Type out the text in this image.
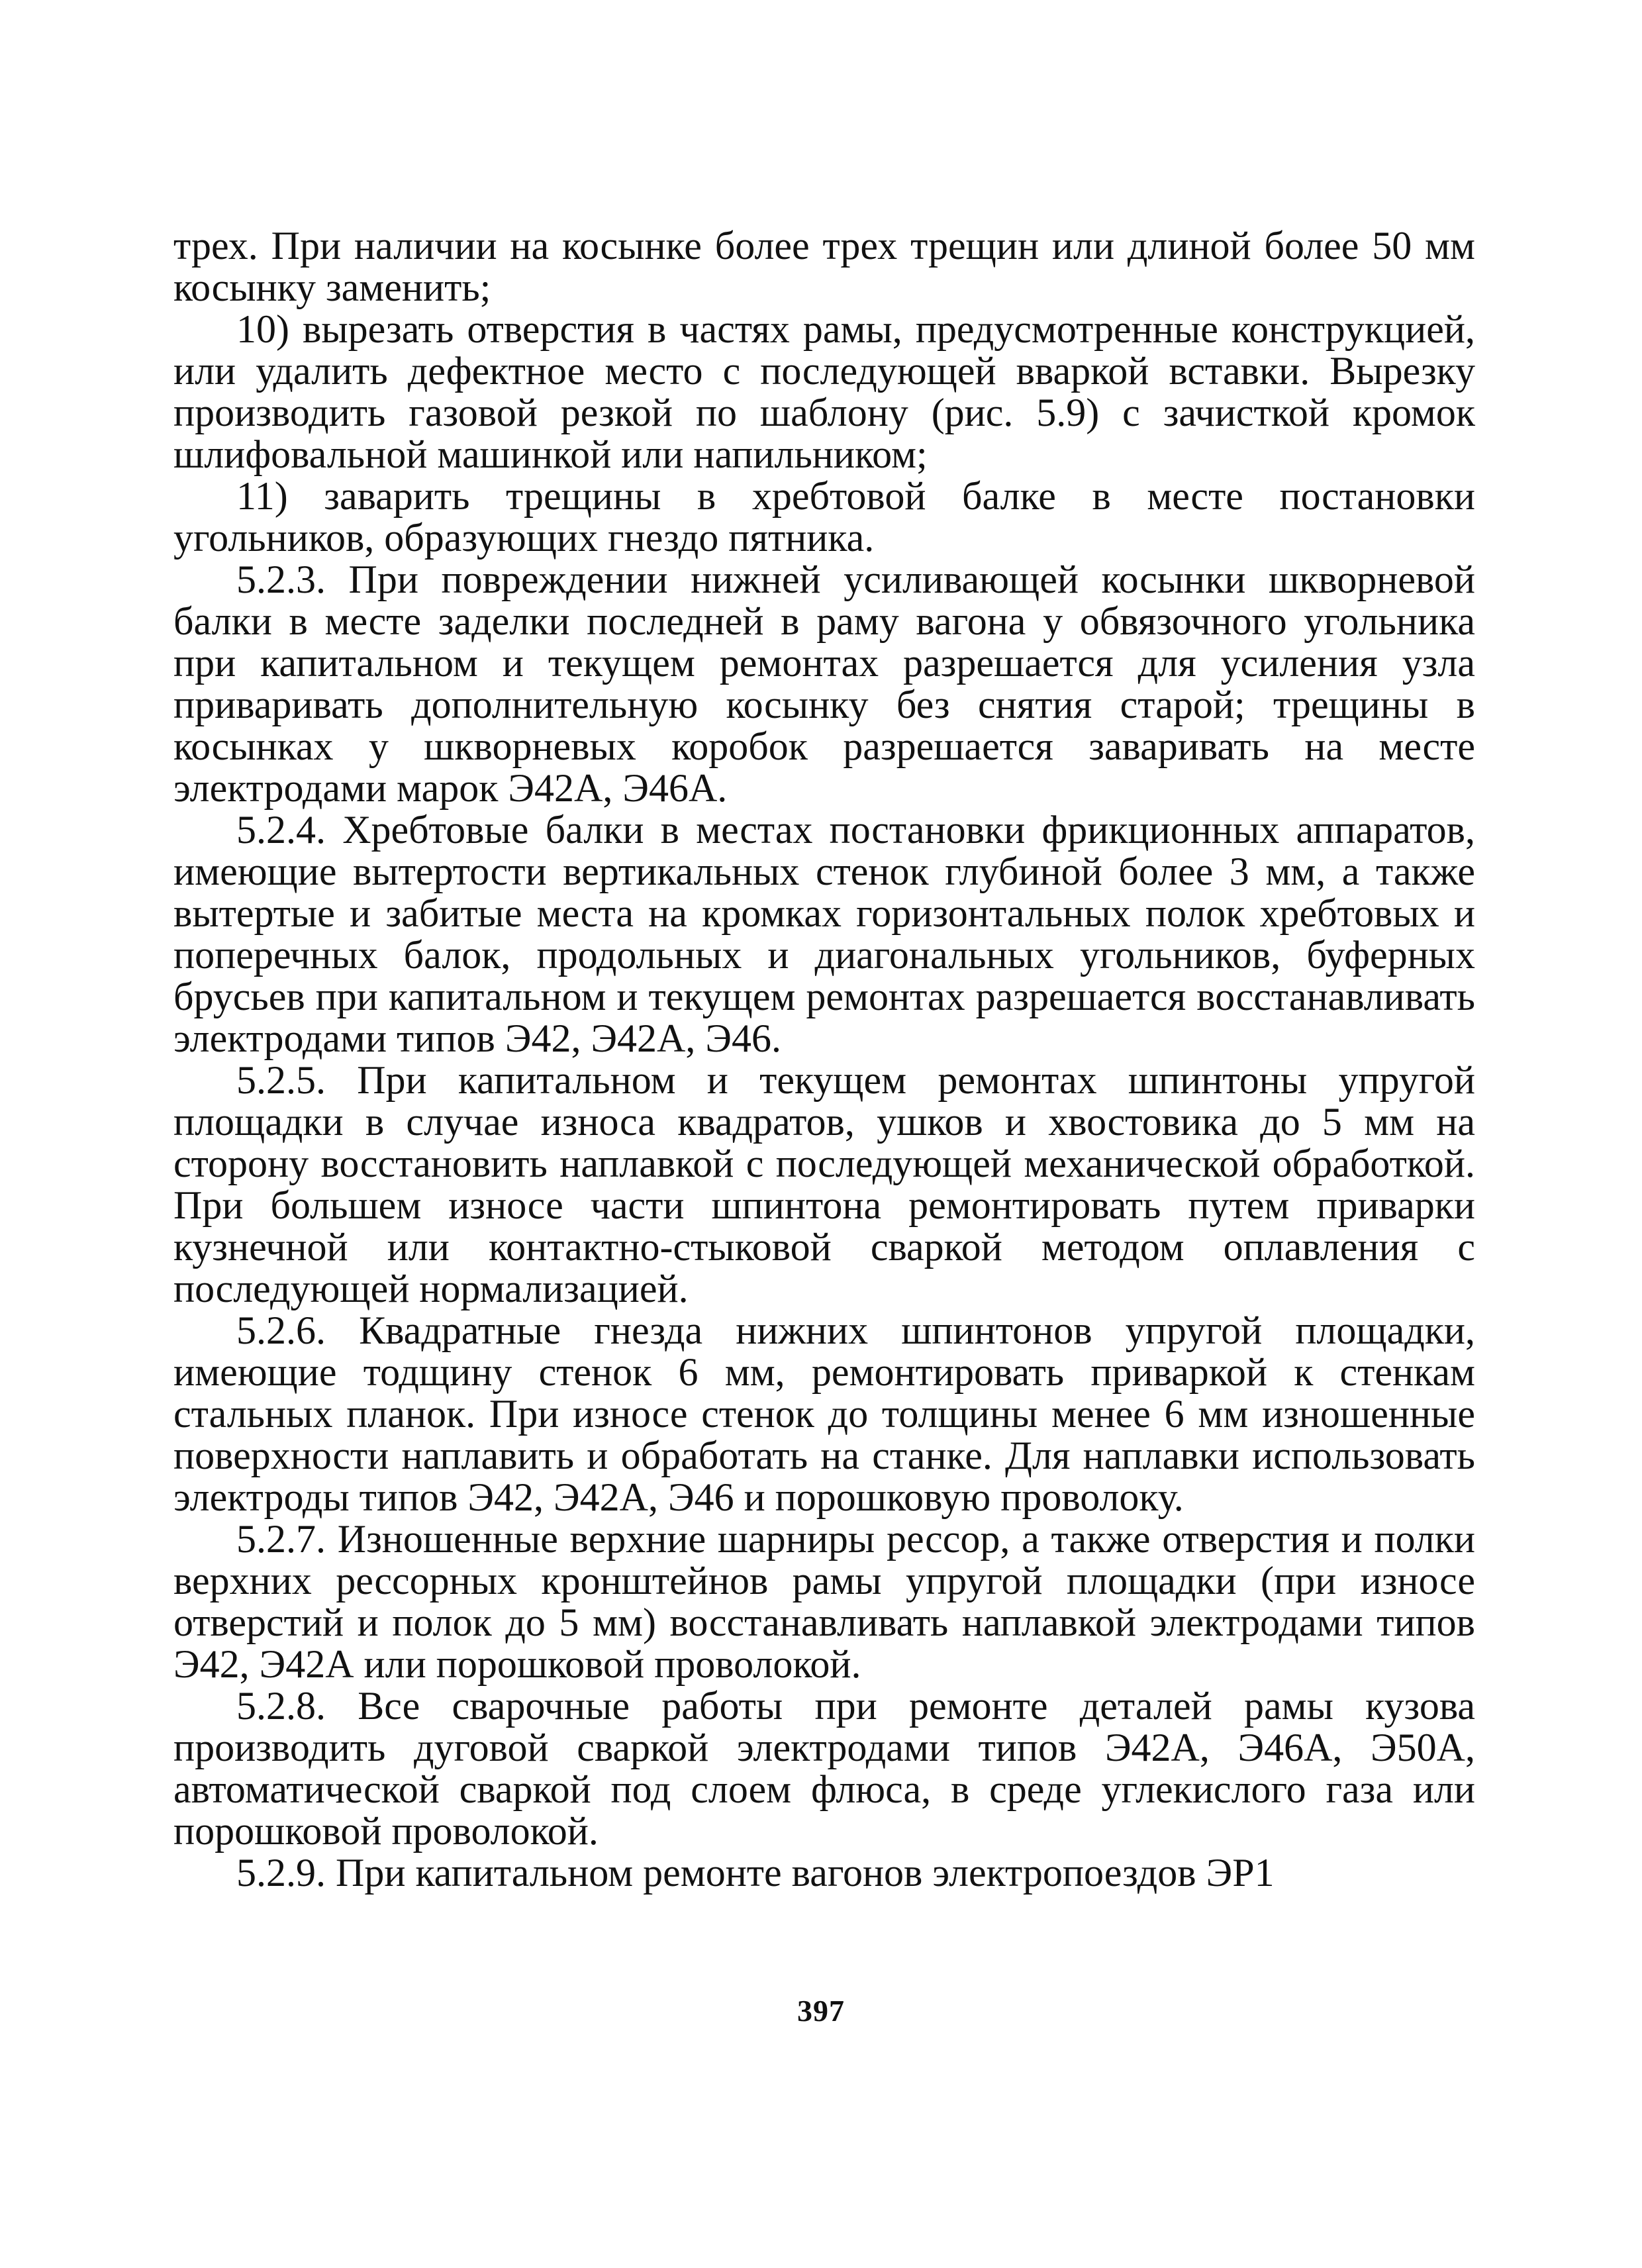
трех. При наличии на косынке более трех трещин или длиной более 50 мм косынку заменить;

10) вырезать отверстия в частях рамы, предусмотренные конструкцией, или удалить дефектное место с последующей вваркой вставки. Вырезку производить газовой резкой по шаблону (рис. 5.9) с зачисткой кромок шлифовальной машинкой или напильником;

11) заварить трещины в хребтовой балке в месте постановки угольников, образующих гнездо пятника.

5.2.3. При повреждении нижней усиливающей косынки шкворневой балки в месте заделки последней в раму вагона у обвязочного угольника при капитальном и текущем ремонтах разрешается для усиления узла приваривать дополнительную косынку без снятия старой; трещины в косынках у шкворневых коробок разрешается заваривать на месте электродами марок Э42А, Э46А.

5.2.4. Хребтовые балки в местах постановки фрикционных аппаратов, имеющие вытертости вертикальных стенок глубиной более 3 мм, а также вытертые и забитые места на кромках горизонтальных полок хребтовых и поперечных балок, продольных и диагональных угольников, буферных брусьев при капитальном и текущем ремонтах разрешается восстанавливать электродами типов Э42, Э42А, Э46.

5.2.5. При капитальном и текущем ремонтах шпинтоны упругой площадки в случае износа квадратов, ушков и хвостовика до 5 мм на сторону восстановить наплавкой с последующей механической обработкой. При большем износе части шпинтона ремонтировать путем приварки кузнечной или контактно-стыковой сваркой методом оплавления с последующей нормализацией.

5.2.6. Квадратные гнезда нижних шпинтонов упругой площадки, имеющие тодщину стенок 6 мм, ремонтировать приваркой к стенкам стальных планок. При износе стенок до толщины менее 6 мм изношенные поверхности наплавить и обработать на станке. Для наплавки использовать электроды типов Э42, Э42А, Э46 и порошковую проволоку.

5.2.7. Изношенные верхние шарниры рессор, а также отверстия и полки верхних рессорных кронштейнов рамы упругой площадки (при износе отверстий и полок до 5 мм) восстанавливать наплавкой электродами типов Э42, Э42А или порошковой проволокой.

5.2.8. Все сварочные работы при ремонте деталей рамы кузова производить дуговой сваркой электродами типов Э42А, Э46А, Э50А, автоматической сваркой под слоем флюса, в среде углекислого газа или порошковой проволокой.

5.2.9. При капитальном ремонте вагонов электропоездов ЭР1

397
